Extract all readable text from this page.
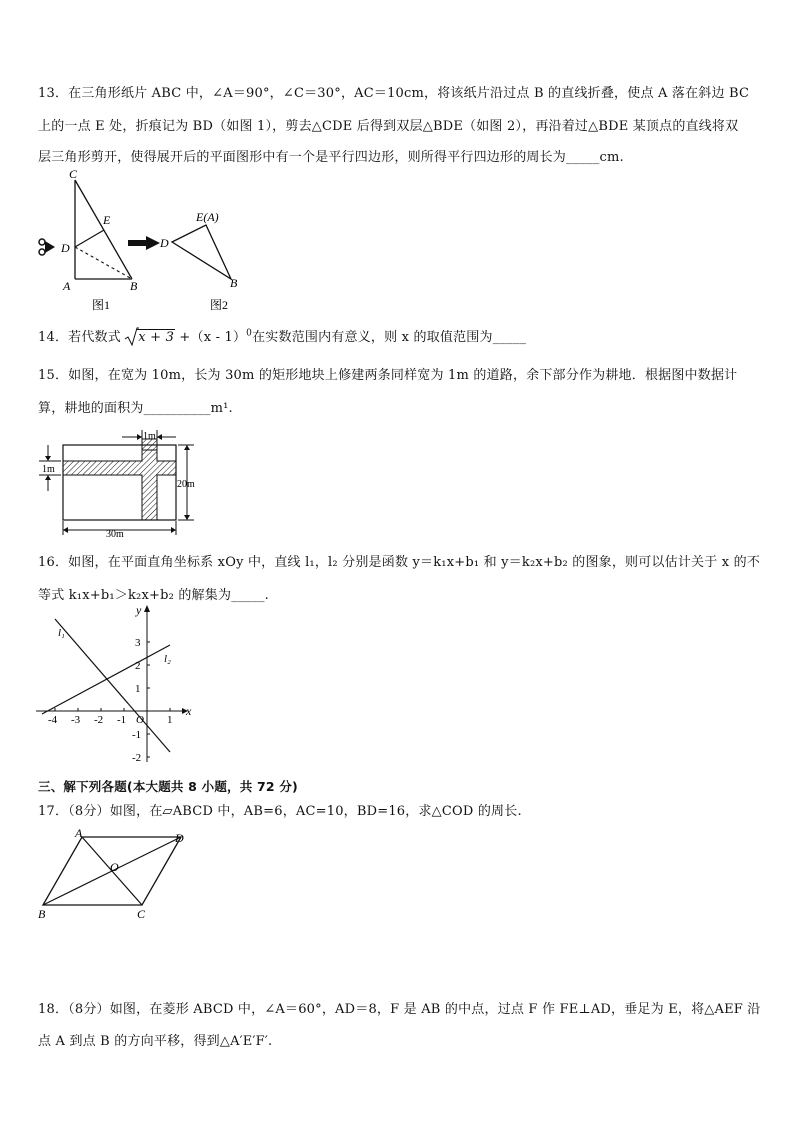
13．在三角形纸片 ABC 中，∠A＝90°，∠C＝30°，AC＝10cm，将该纸片沿过点 B 的直线折叠，使点 A 落在斜边 BC
上的一点 E 处，折痕记为 BD（如图 1），剪去△CDE 后得到双层△BDE（如图 2），再沿着过△BDE 某顶点的直线将双
层三角形剪开，使得展开后的平面图形中有一个是平行四边形，则所得平行四边形的周长为_____cm.
C
E
D
A	B
图1
D
E(A)
B
图2
14．若代数式 x + 3 +（x - 1）$^0$在实数范围内有意义，则 x 的取值范围为_____
15．如图，在宽为 10m，长为 30m 的矩形地块上修建两条同样宽为 1m 的道路，余下部分作为耕地．根据图中数据计
算，耕地的面积为__________m¹.
1m
1m
20m
30m
16．如图，在平面直角坐标系 xOy 中，直线 l₁，l₂ 分别是函数 y＝k₁x+b₁ 和 y＝k₂x+b₂ 的图象，则可以估计关于 x 的不
等式 k₁x+b₁＞k₂x+b₂ 的解集为_____.
l₁
l₂
x
y
O
-4 -3 -2 -1	1
3
2
1
-1
-2
三、解下列各题(本大题共 8 小题，共 72 分)
17．（8分）如图，在▱ABCD 中，AB=6，AC=10，BD=16，求△COD 的周长.
A	D
O
B	C
18．（8分）如图，在菱形 ABCD 中，∠A＝60°，AD＝8，F 是 AB 的中点，过点 F 作 FE⊥AD，垂足为 E，将△AEF 沿
点 A 到点 B 的方向平移，得到△A′E′F′.
